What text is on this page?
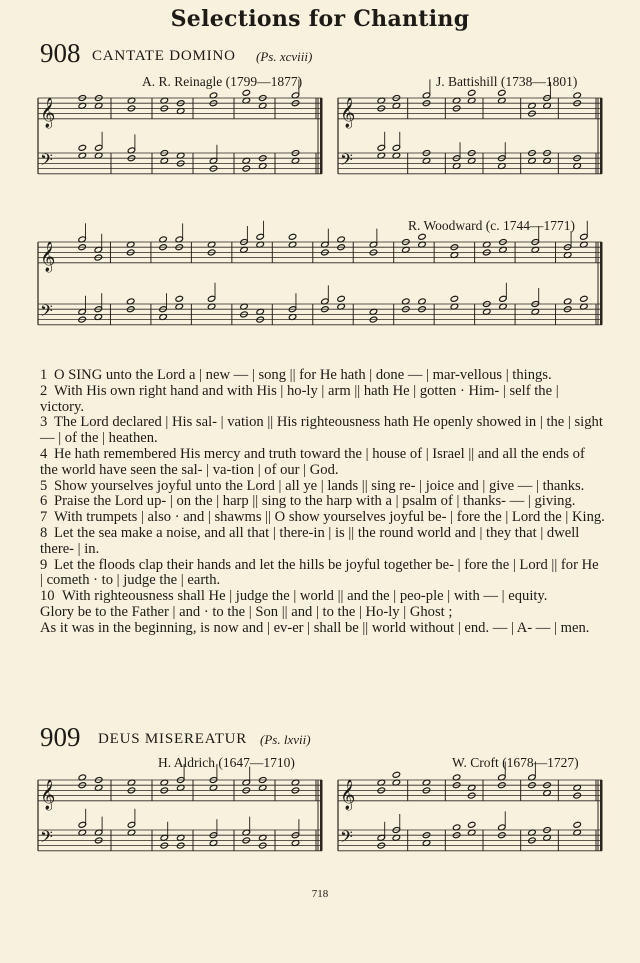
Selections for Chanting
908 CANTATE DOMINO (Ps. xcviii)
A. R. Reinagle (1799—1877)	J. Battishill (1738—1801)
R. Woodward (c. 1744—1771)
𝄞
𝄢
𝄞
𝄢
𝄞
𝄢
1 O SING unto the Lord a | new — | song || for He hath | done — | mar-vellous | things.
2 With His own right hand and with His | ho-ly | arm || hath He | gotten · Him- | self the | victory.
3 The Lord declared | His sal- | vation || His righteousness hath He openly showed in | the | sight — | of the | heathen.
4 He hath remembered His mercy and truth toward the | house of | Israel || and all the ends of the world have seen the sal- | va-tion | of our | God.
5 Show yourselves joyful unto the Lord | all ye | lands || sing re- | joice and | give — | thanks.
6 Praise the Lord up- | on the | harp || sing to the harp with a | psalm of | thanks- — | giving.
7 With trumpets | also · and | shawms || O show yourselves joyful be- | fore the | Lord the | King.
8 Let the sea make a noise, and all that | there-in | is || the round world and | they that | dwell there- | in.
9 Let the floods clap their hands and let the hills be joyful together be- | fore the | Lord || for He | cometh · to | judge the | earth.
10 With righteousness shall He | judge the | world || and the | peo-ple | with — | equity.
Glory be to the Father | and · to the | Son || and | to the | Ho-ly | Ghost ;
As it was in the beginning, is now and | ev-er | shall be || world without | end. — | A- — | men.
909 DEUS MISEREATUR (Ps. lxvii)
H. Aldrich (1647—1710)	W. Croft (1678—1727)
𝄞
𝄢
𝄞
𝄢
718
